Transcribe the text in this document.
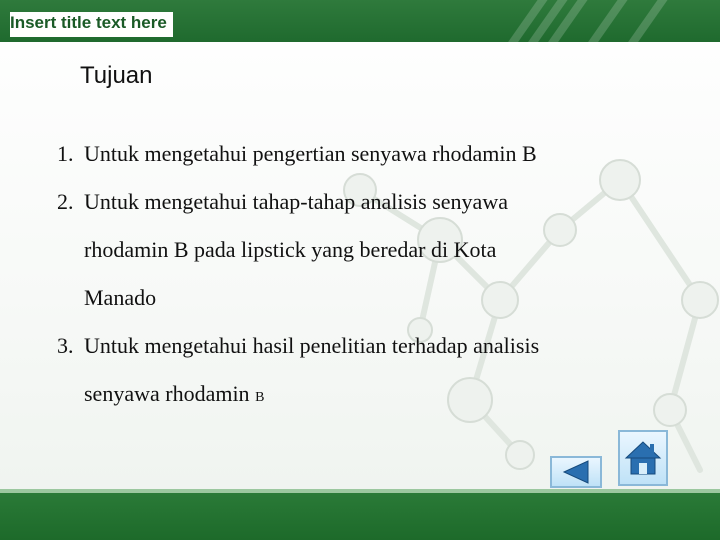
Insert title text here
Tujuan
1. Untuk mengetahui pengertian senyawa rhodamin B
2. Untuk mengetahui tahap-tahap analisis senyawa
rhodamin B pada lipstick yang beredar di Kota
Manado
3. Untuk mengetahui hasil penelitian terhadap analisis
senyawa rhodamin B
